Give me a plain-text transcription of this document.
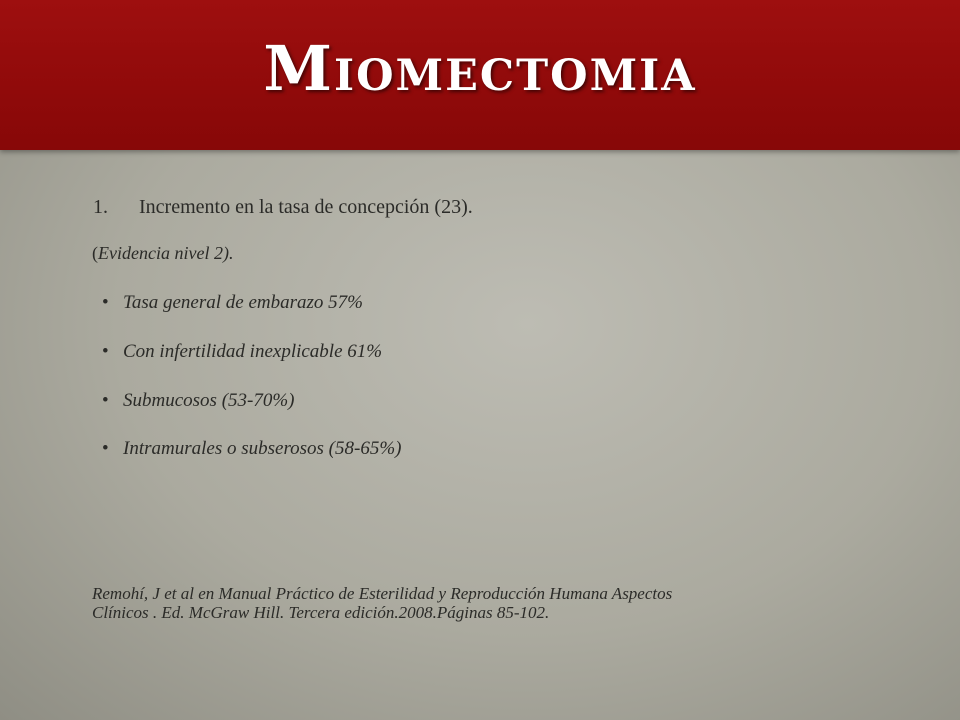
Miomectomia
1. Incremento en la tasa de concepción (23).
(Evidencia nivel 2).
• Tasa general de embarazo 57%
• Con infertilidad inexplicable 61%
• Submucosos (53-70%)
• Intramurales o subserosos (58-65%)
Remohí, J et al en Manual Práctico de Esterilidad y Reproducción Humana Aspectos
Clínicos . Ed. McGraw Hill. Tercera edición.2008.Páginas 85-102.
